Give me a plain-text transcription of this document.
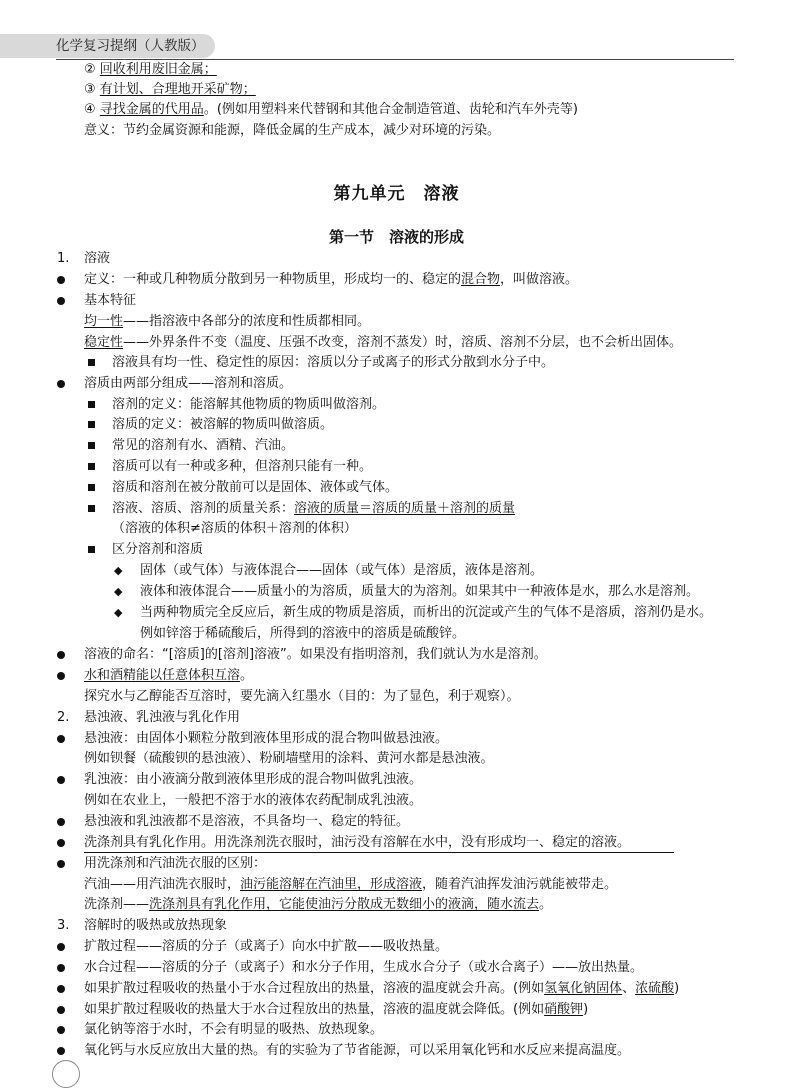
化学复习提纲（人教版）
② 回收利用废旧金属；
③ 有计划、合理地开采矿物；
④ 寻找金属的代用品。(例如用塑料来代替钢和其他合金制造管道、齿轮和汽车外壳等)
意义：节约金属资源和能源，降低金属的生产成本，减少对环境的污染。
第九单元　溶液
第一节　溶液的形成
1. 溶液
定义：一种或几种物质分散到另一种物质里，形成均一的、稳定的混合物，叫做溶液。
基本特征
均一性——指溶液中各部分的浓度和性质都相同。
稳定性——外界条件不变（温度、压强不改变，溶剂不蒸发）时，溶质、溶剂不分层，也不会析出固体。
溶液具有均一性、稳定性的原因：溶质以分子或离子的形式分散到水分子中。
溶质由两部分组成——溶剂和溶质。
溶剂的定义：能溶解其他物质的物质叫做溶剂。
溶质的定义：被溶解的物质叫做溶质。
常见的溶剂有水、酒精、汽油。
溶质可以有一种或多种，但溶剂只能有一种。
溶质和溶剂在被分散前可以是固体、液体或气体。
溶液、溶质、溶剂的质量关系：溶液的质量＝溶质的质量＋溶剂的质量
（溶液的体积≠溶质的体积＋溶剂的体积）
区分溶剂和溶质
◆ 固体（或气体）与液体混合——固体（或气体）是溶质，液体是溶剂。
◆ 液体和液体混合——质量小的为溶质，质量大的为溶剂。如果其中一种液体是水，那么水是溶剂。
◆ 当两种物质完全反应后，新生成的物质是溶质，而析出的沉淀或产生的气体不是溶质，溶剂仍是水。
例如锌溶于稀硫酸后，所得到的溶液中的溶质是硫酸锌。
溶液的命名：“[溶质]的[溶剂]溶液”。如果没有指明溶剂，我们就认为水是溶剂。
水和酒精能以任意体积互溶。
探究水与乙醇能否互溶时，要先滴入红墨水（目的：为了显色，利于观察）。
2. 悬浊液、乳浊液与乳化作用
悬浊液：由固体小颗粒分散到液体里形成的混合物叫做悬浊液。
例如钡餐（硫酸钡的悬浊液）、粉刷墙壁用的涂料、黄河水都是悬浊液。
乳浊液：由小液滴分散到液体里形成的混合物叫做乳浊液。
例如在农业上，一般把不溶于水的液体农药配制成乳浊液。
悬浊液和乳浊液都不是溶液，不具备均一、稳定的特征。
洗涤剂具有乳化作用。用洗涤剂洗衣服时，油污没有溶解在水中，没有形成均一、稳定的溶液。
用洗涤剂和汽油洗衣服的区别：
汽油——用汽油洗衣服时，油污能溶解在汽油里，形成溶液，随着汽油挥发油污就能被带走。
洗涤剂——洗涤剂具有乳化作用，它能使油污分散成无数细小的液滴，随水流去。
3. 溶解时的吸热或放热现象
扩散过程——溶质的分子（或离子）向水中扩散——吸收热量。
水合过程——溶质的分子（或离子）和水分子作用，生成水合分子（或水合离子）——放出热量。
如果扩散过程吸收的热量小于水合过程放出的热量，溶液的温度就会升高。(例如氢氧化钠固体、浓硫酸)
如果扩散过程吸收的热量大于水合过程放出的热量，溶液的温度就会降低。(例如硝酸钾)
氯化钠等溶于水时，不会有明显的吸热、放热现象。
氧化钙与水反应放出大量的热。有的实验为了节省能源，可以采用氧化钙和水反应来提高温度。
